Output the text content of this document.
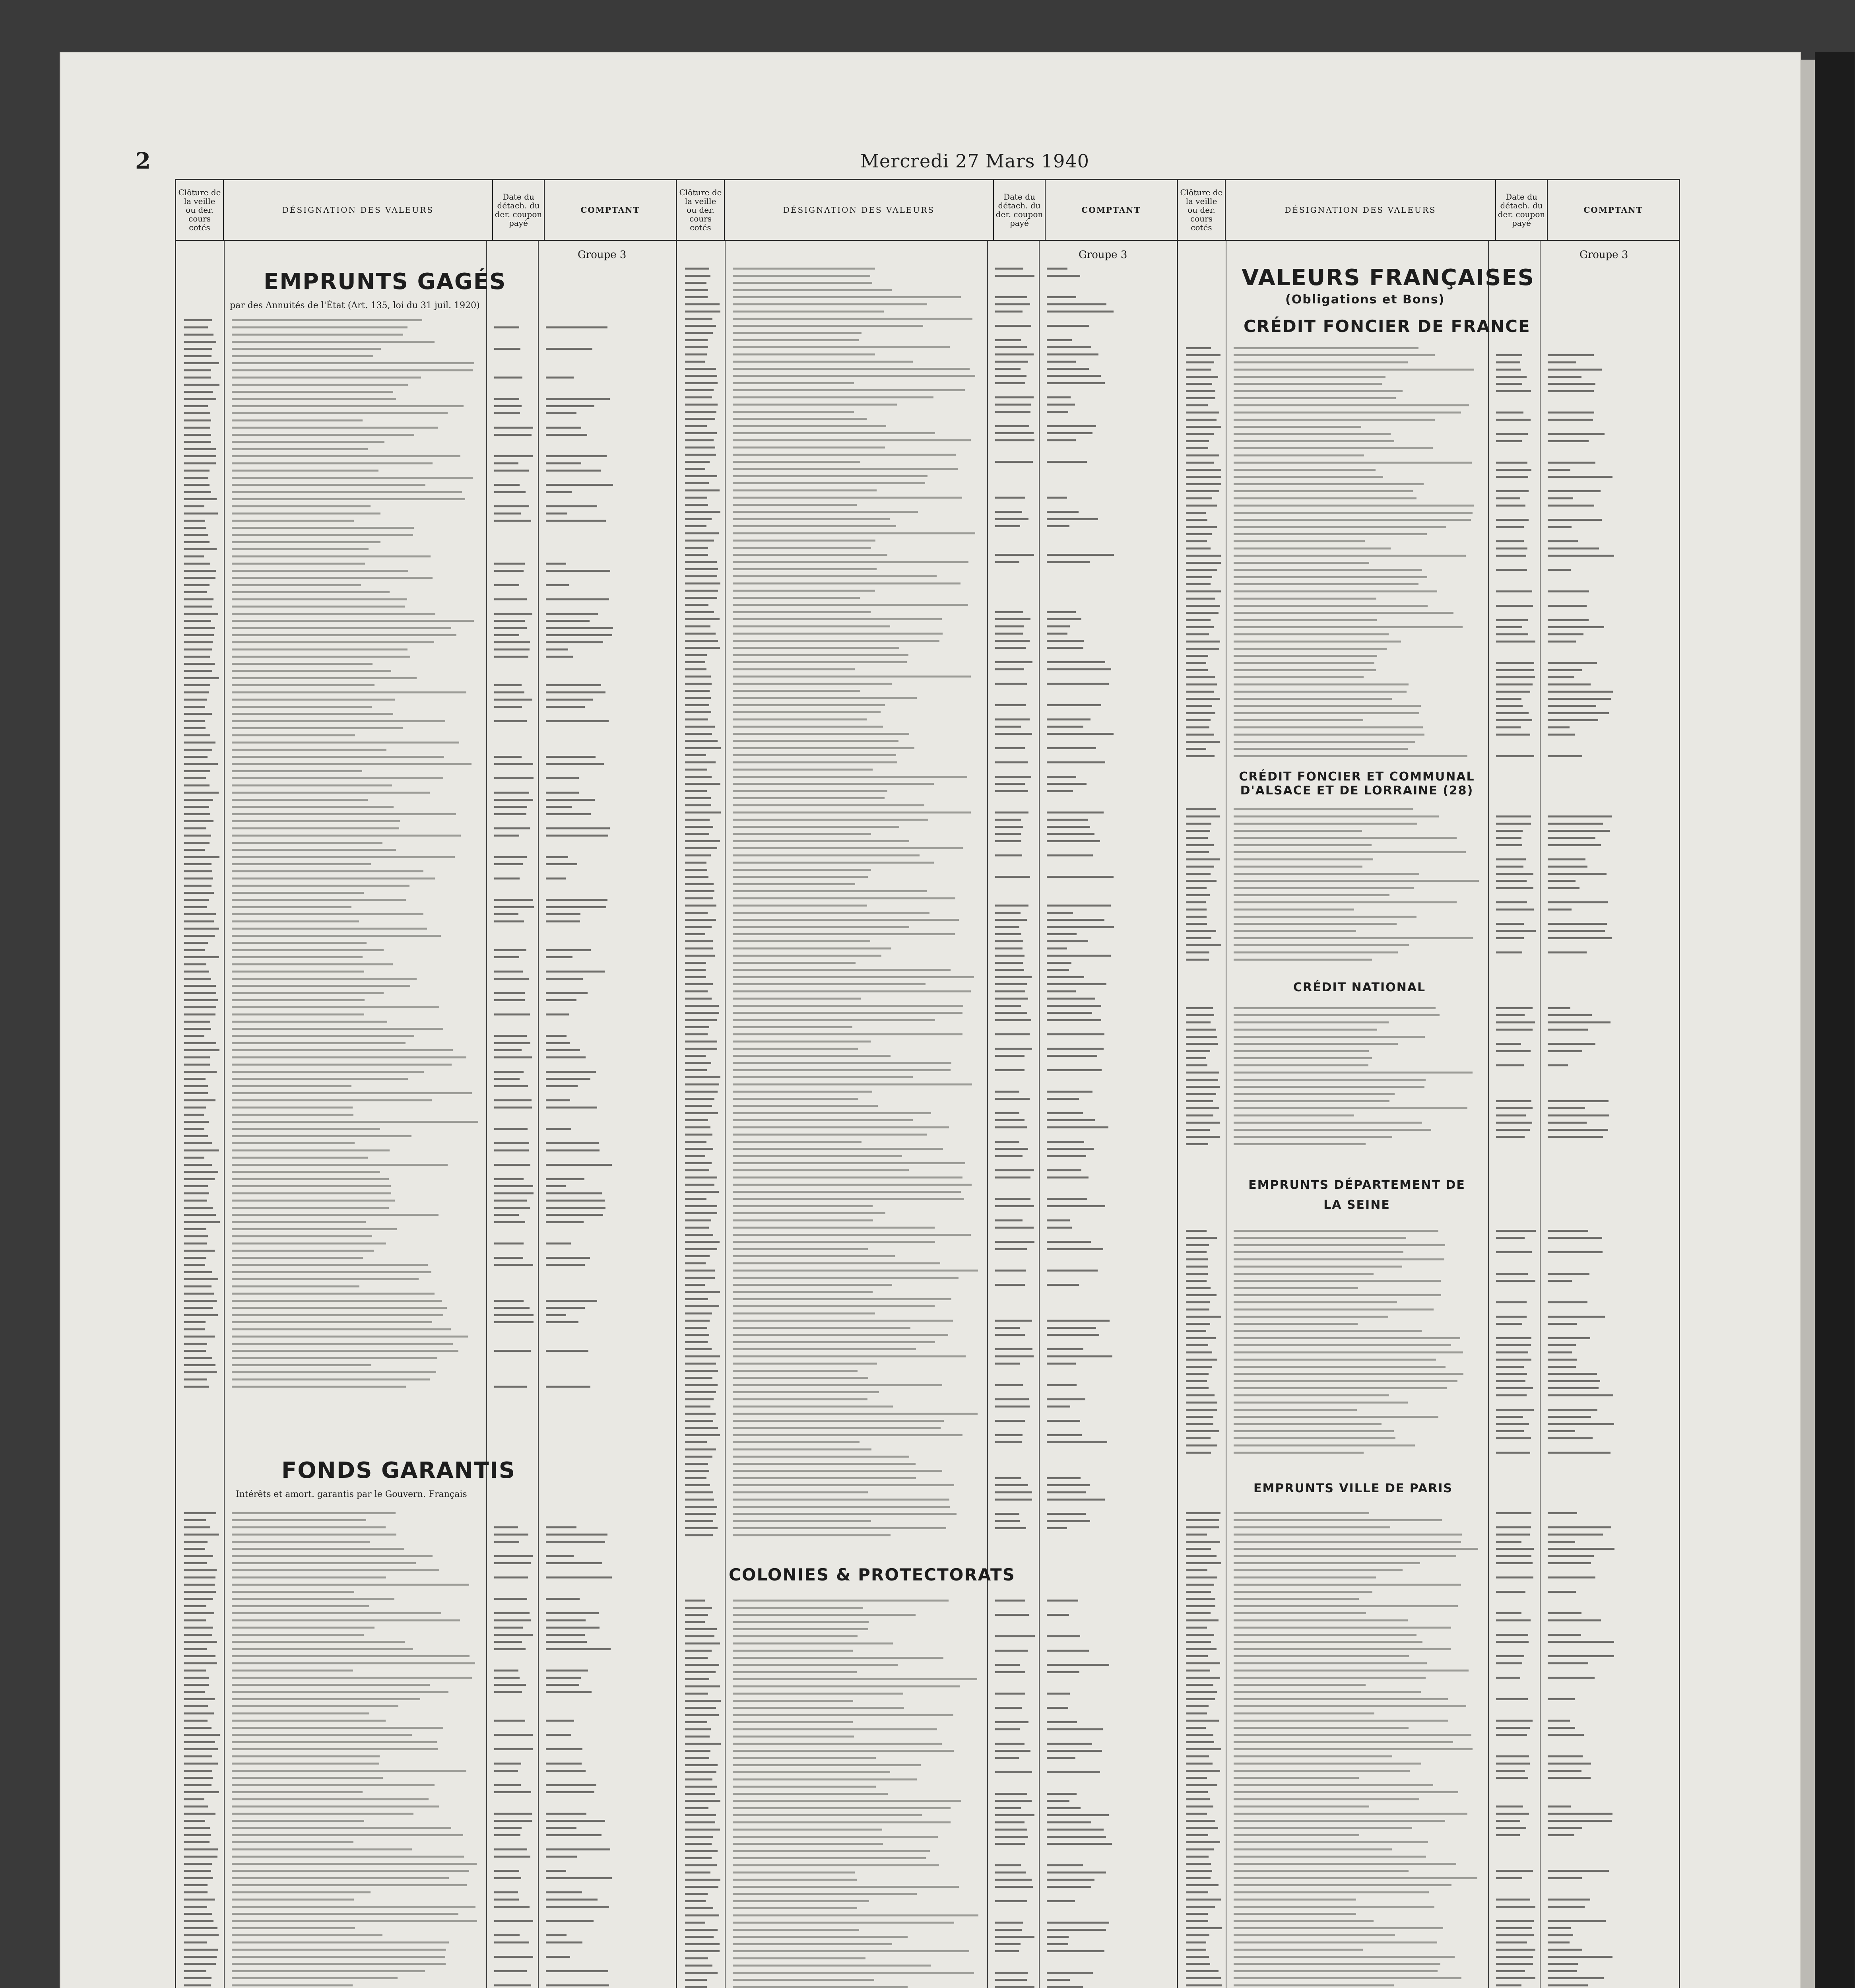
2	Mercredi 27 Mars 1940
Clôture de la veille ou der. cours cotés
DÉSIGNATION DES VALEURS
Date du détach. du der. coupon payé
COMPTANT
Groupe 3
EMPRUNTS GAGÉS
par des Annuités de l'État (Art. 135, loi du 31 juil. 1920)
FONDS GARANTIS
Intérêts et amort. garantis par le Gouvern. Français
Clôture de la veille ou der. cours cotés
DÉSIGNATION DES VALEURS
Date du détach. du der. coupon payé
COMPTANT
Groupe 3
COLONIES & PROTECTORATS
Clôture de la veille ou der. cours cotés
DÉSIGNATION DES VALEURS
Date du détach. du der. coupon payé
COMPTANT
Groupe 3
VALEURS FRANÇAISES
(Obligations et Bons)
CRÉDIT FONCIER DE FRANCE
CRÉDIT FONCIER ET COMMUNAL D'ALSACE ET DE LORRAINE (28)
CRÉDIT NATIONAL
EMPRUNTS DÉPARTEMENT DE LA SEINE
EMPRUNTS VILLE DE PARIS
